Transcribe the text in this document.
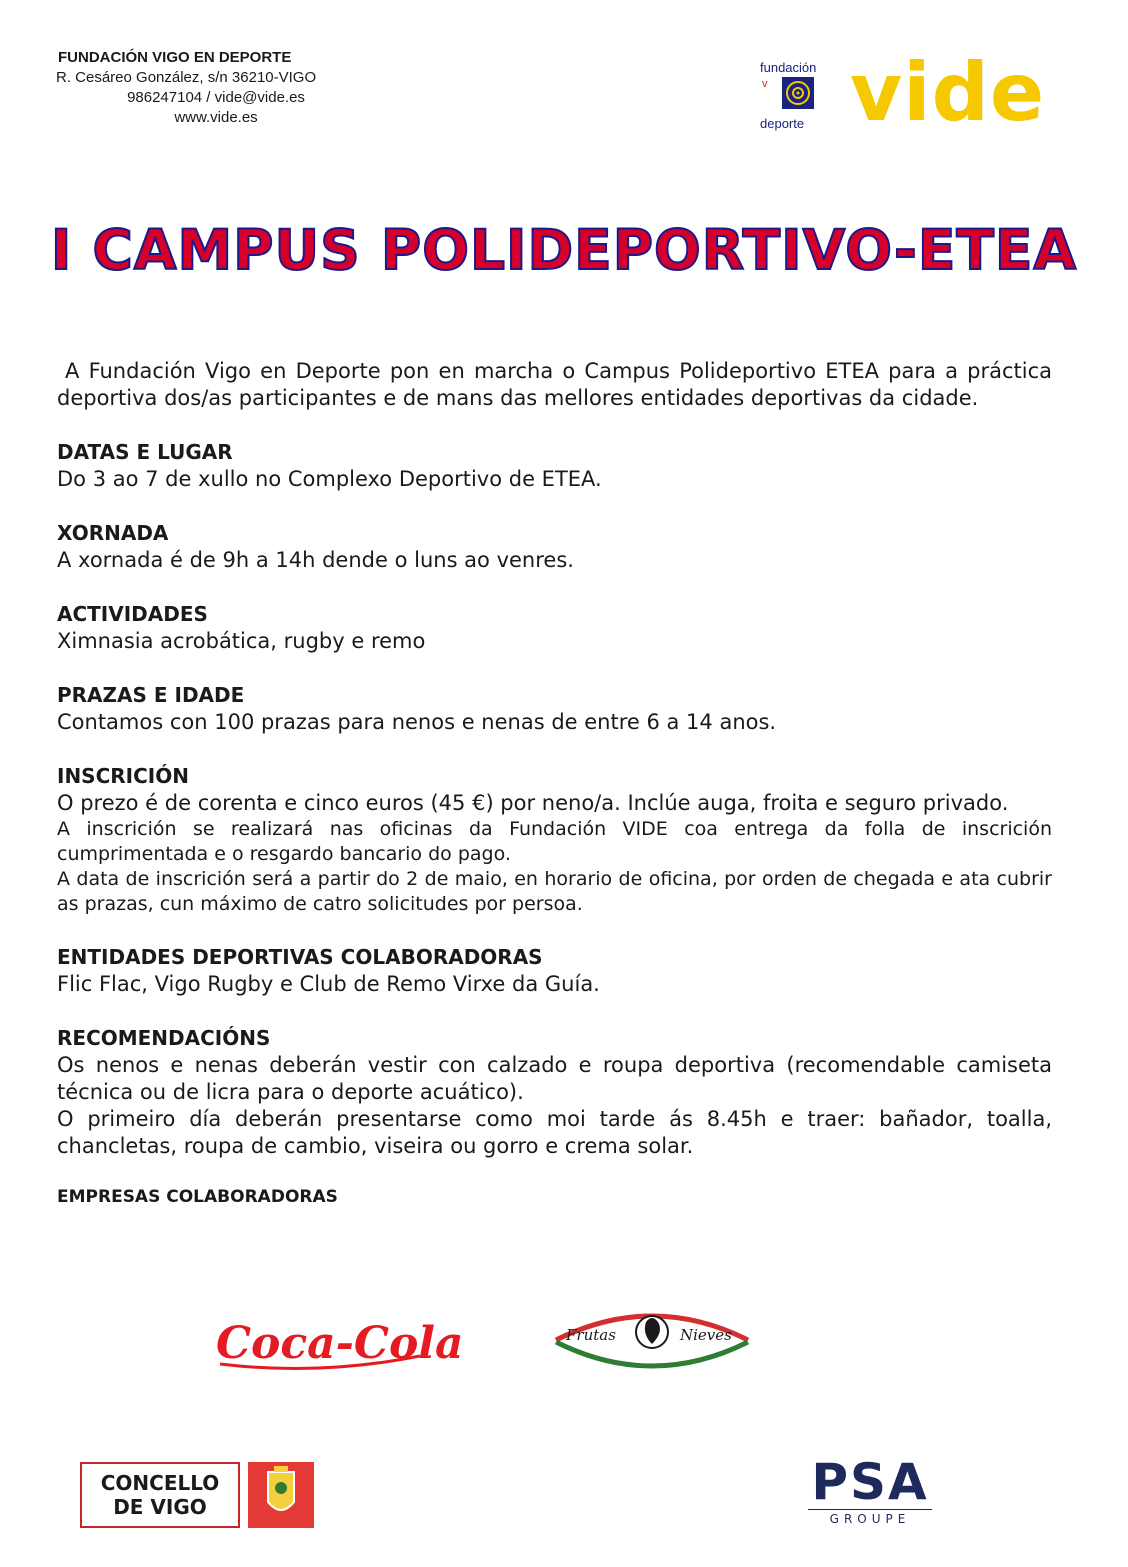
FUNDACIÓN VIGO EN DEPORTE
R. Cesáreo González, s/n 36210-VIGO
986247104 / vide@vide.es
www.vide.es
fundación
v
deporte vide
I CAMPUS POLIDEPORTIVO-ETEA

A Fundación Vigo en Deporte pon en marcha o Campus Polideportivo ETEA para a práctica deportiva dos/as participantes e de mans das mellores entidades deportivas da cidade.

DATAS E LUGAR

Do 3 ao 7 de xullo no Complexo Deportivo de ETEA.

XORNADA

A xornada é de 9h a 14h dende o luns ao venres.

ACTIVIDADES

Ximnasia acrobática, rugby e remo

PRAZAS E IDADE

Contamos con 100 prazas para nenos e nenas de entre 6 a 14 anos.

INSCRICIÓN

O prezo é de corenta e cinco euros (45 €) por neno/a. Inclúe auga, froita e seguro privado.

A inscrición se realizará nas oficinas da Fundación VIDE coa entrega da folla de inscrición cumprimentada e o resgardo bancario do pago.

A data de inscrición será a partir do 2 de maio, en horario de oficina, por orden de chegada e ata cubrir as prazas, cun máximo de catro solicitudes por persoa.

ENTIDADES DEPORTIVAS COLABORADORAS

Flic Flac, Vigo Rugby e Club de Remo Virxe da Guía.

RECOMENDACIÓNS

Os nenos e nenas deberán vestir con calzado e roupa deportiva (recomendable camiseta técnica ou de licra para o deporte acuático).

O primeiro día deberán presentarse como moi tarde ás 8.45h e traer: bañador, toalla, chancletas, roupa de cambio, viseira ou gorro e crema solar.

EMPRESAS COLABORADORAS
Coca-Cola	Frutas	Nieves
CONCELLO
DE VIGO	PSA
GROUPE
